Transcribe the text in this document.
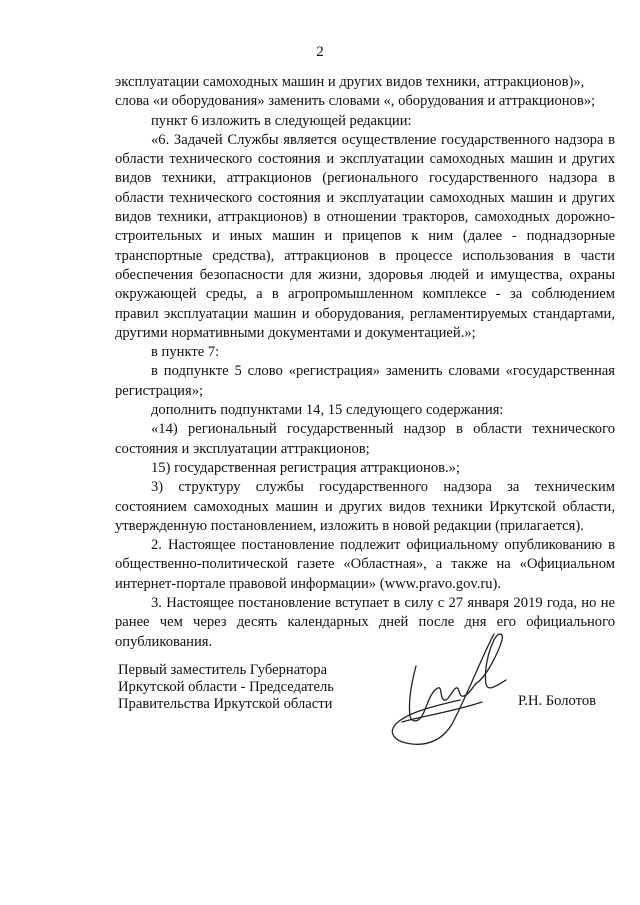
2

эксплуатации самоходных машин и других видов техники, аттракционов)»,

слова «и оборудования» заменить словами «, оборудования и аттракционов»;

пункт 6 изложить в следующей редакции:

«6. Задачей Службы является осуществление государственного надзора в области технического состояния и эксплуатации самоходных машин и других видов техники, аттракционов (регионального государственного надзора в области технического состояния и эксплуатации самоходных машин и других видов техники, аттракционов) в отношении тракторов, самоходных дорожно-строительных и иных машин и прицепов к ним (далее - поднадзорные транспортные средства), аттракционов в процессе использования в части обеспечения безопасности для жизни, здоровья людей и имущества, охраны окружающей среды, а в агропромышленном комплексе - за соблюдением правил эксплуатации машин и оборудования, регламентируемых стандартами, другими нормативными документами и документацией.»;

в пункте 7:

в подпункте 5 слово «регистрация» заменить словами «государственная регистрация»;

дополнить подпунктами 14, 15 следующего содержания:

«14) региональный государственный надзор в области технического состояния и эксплуатации аттракционов;

15) государственная регистрация аттракционов.»;

3) структуру службы государственного надзора за техническим состоянием самоходных машин и других видов техники Иркутской области, утвержденную постановлением, изложить в новой редакции (прилагается).

2. Настоящее постановление подлежит официальному опубликованию в общественно-политической газете «Областная», а также на «Официальном интернет-портале правовой информации» (www.pravo.gov.ru).

3. Настоящее постановление вступает в силу с 27 января 2019 года, но не ранее чем через десять календарных дней после дня его официального опубликования.

Первый заместитель Губернатора
Иркутской области - Председатель
Правительства Иркутской области	Р.Н. Болотов
